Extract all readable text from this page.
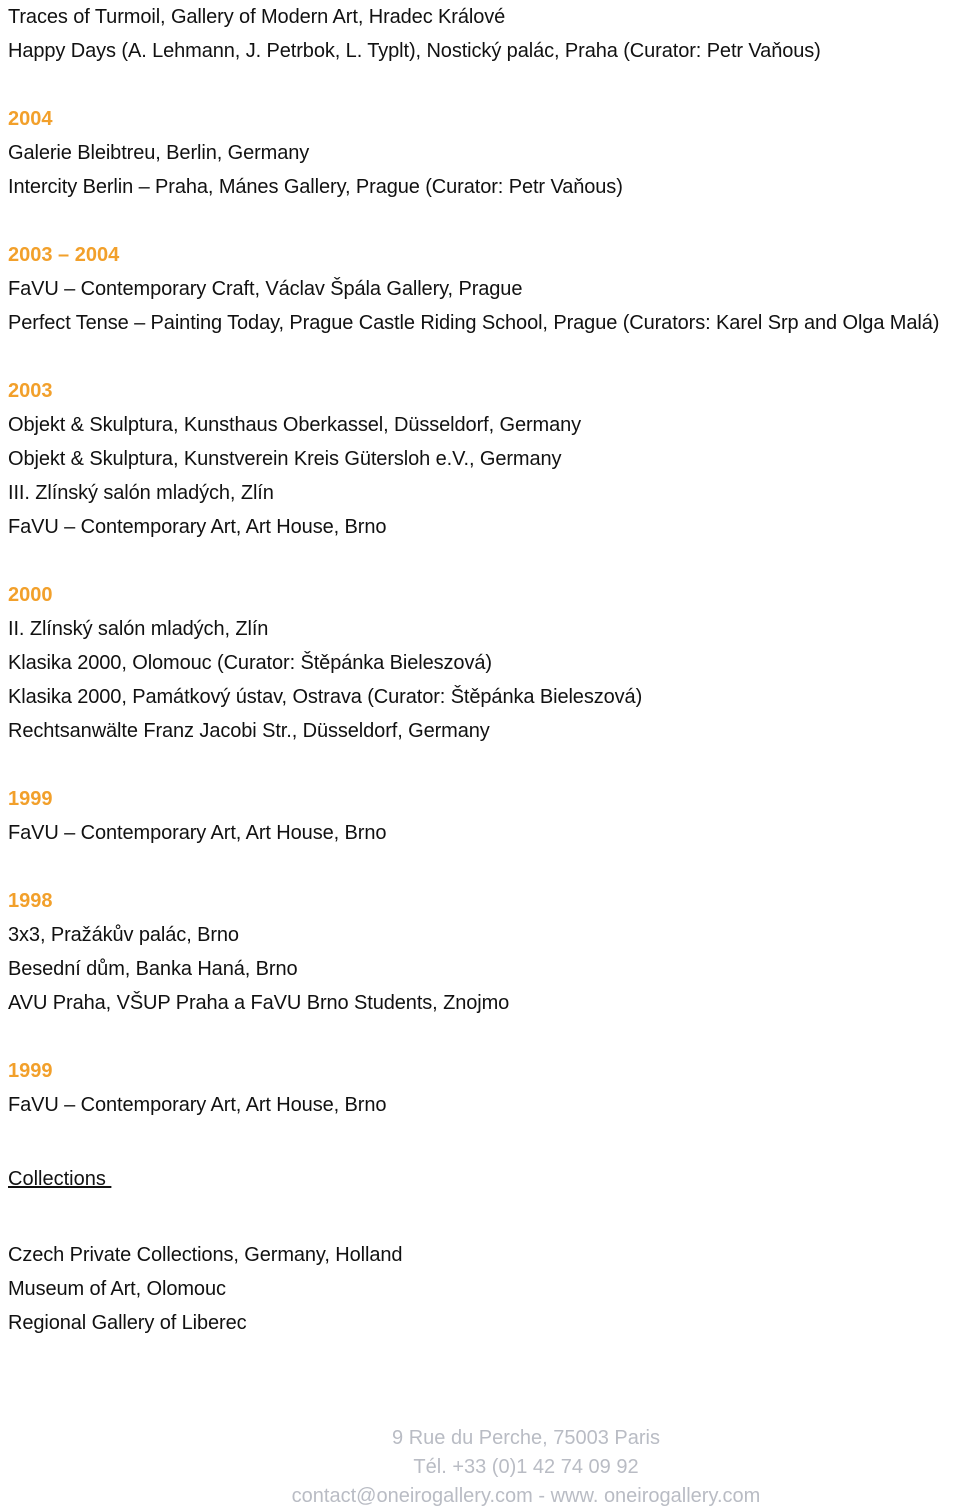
Traces of Turmoil, Gallery of Modern Art, Hradec Králové
Happy Days (A. Lehmann, J. Petrbok, L. Typlt), Nostický palác, Praha (Curator: Petr Vaňous)
2004
Galerie Bleibtreu, Berlin, Germany
Intercity Berlin – Praha, Mánes Gallery, Prague (Curator: Petr Vaňous)
2003 – 2004
FaVU – Contemporary Craft, Václav Špála Gallery, Prague
Perfect Tense – Painting Today, Prague Castle Riding School, Prague (Curators: Karel Srp and Olga Malá)
2003
Objekt & Skulptura, Kunsthaus Oberkassel, Düsseldorf, Germany
Objekt & Skulptura, Kunstverein Kreis Gütersloh e.V., Germany
III. Zlínský salón mladých, Zlín
FaVU – Contemporary Art, Art House, Brno
2000
II. Zlínský salón mladých, Zlín
Klasika 2000, Olomouc (Curator: Štěpánka Bieleszová)
Klasika 2000, Památkový ústav, Ostrava (Curator: Štěpánka Bieleszová)
Rechtsanwälte Franz Jacobi Str., Düsseldorf, Germany
1999
FaVU – Contemporary Art, Art House, Brno
1998
3x3, Pražákův palác, Brno
Besední dům, Banka Haná, Brno
AVU Praha, VŠUP Praha a FaVU Brno Students, Znojmo
1999
FaVU – Contemporary Art, Art House, Brno
Collections
Czech Private Collections, Germany, Holland
Museum of Art, Olomouc
Regional Gallery of Liberec
9 Rue du Perche, 75003 Paris
Tél. +33 (0)1 42 74 09 92
contact@oneirogallery.com - www. oneirogallery.com
